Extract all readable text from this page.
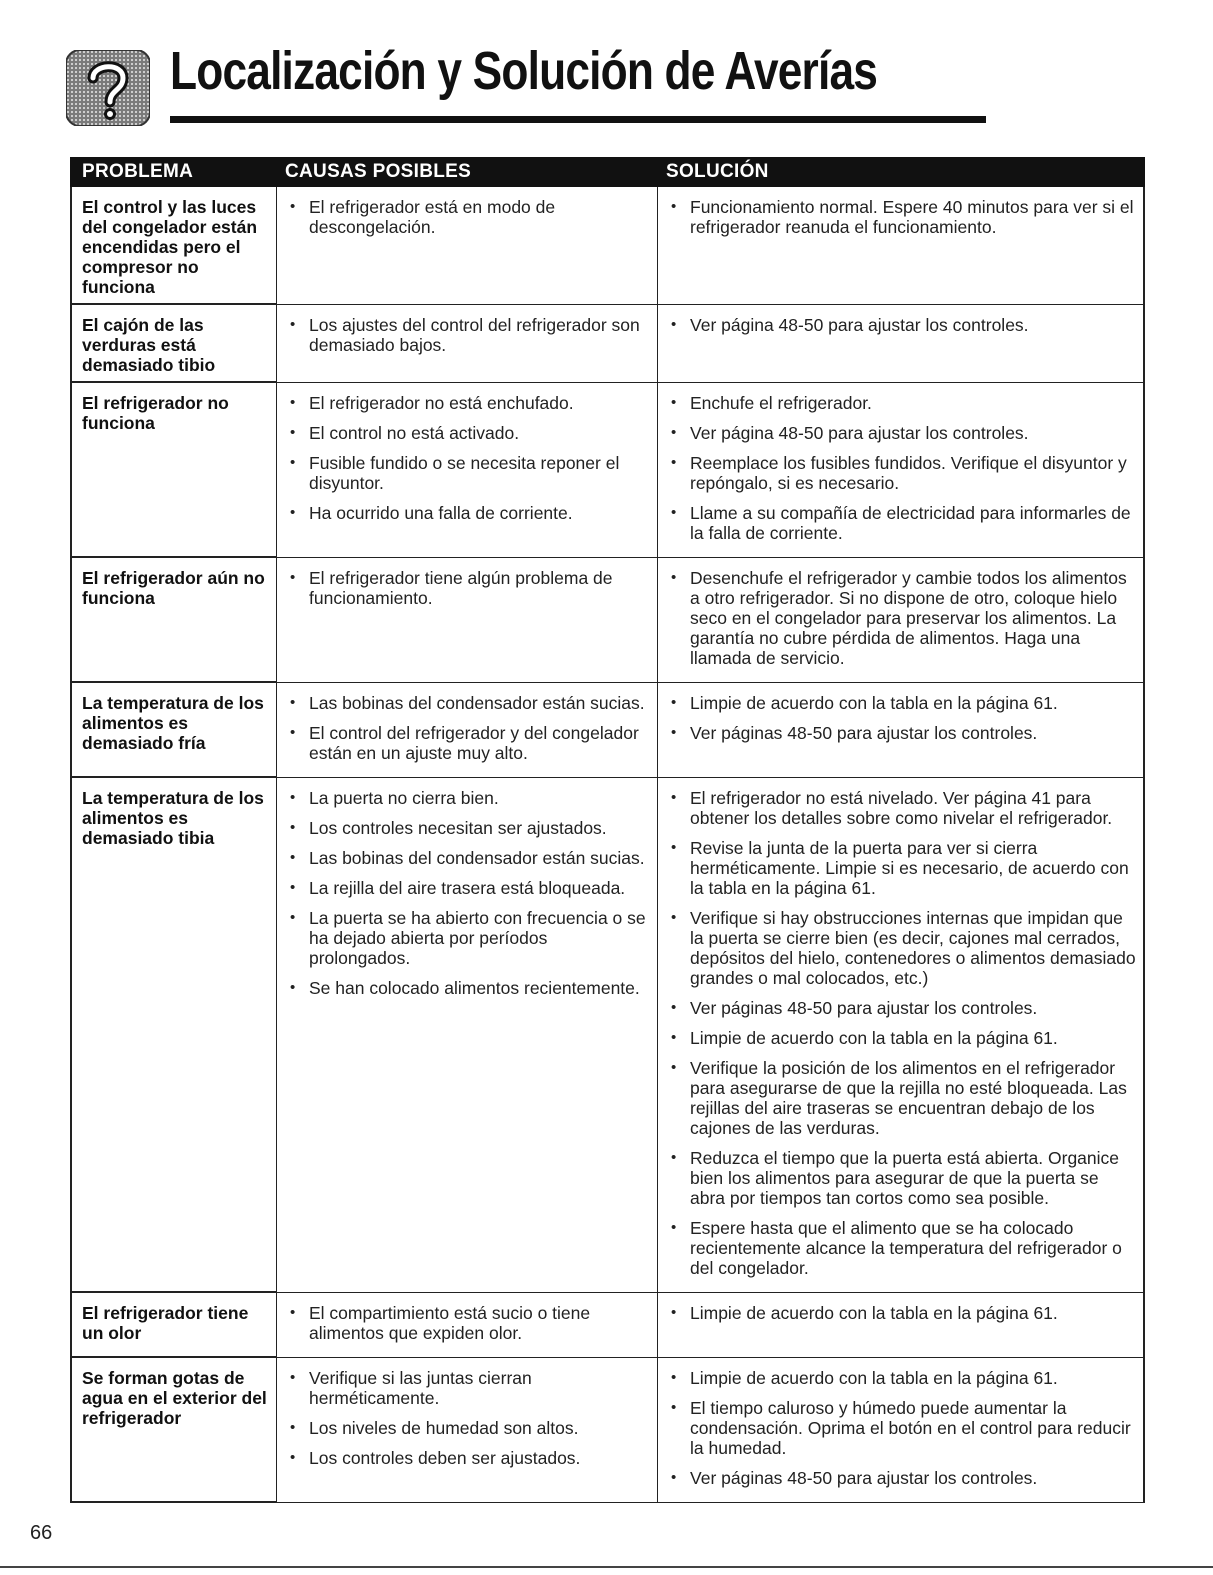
Localización y Solución de Averías
PROBLEMA	CAUSAS POSIBLES	SOLUCIÓN
El control y las luces del congelador están encendidas pero el compresor no funciona
• El refrigerador está en modo de descongelación.
• Funcionamiento normal. Espere 40 minutos para ver si el refrigerador reanuda el funcionamiento.
El cajón de las verduras está demasiado tibio
• Los ajustes del control del refrigerador son demasiado bajos.
• Ver página 48-50 para ajustar los controles.
El refrigerador no funciona
• El refrigerador no está enchufado.
• El control no está activado.
• Fusible fundido o se necesita reponer el disyuntor.
• Ha ocurrido una falla de corriente.
• Enchufe el refrigerador.
• Ver página 48-50 para ajustar los controles.
• Reemplace los fusibles fundidos. Verifique el disyuntor y repóngalo, si es necesario.
• Llame a su compañía de electricidad para informarles de la falla de corriente.
El refrigerador aún no funciona
• El refrigerador tiene algún problema de funcionamiento.
• Desenchufe el refrigerador y cambie todos los alimentos a otro refrigerador. Si no dispone de otro, coloque hielo seco en el congelador para preservar los alimentos. La garantía no cubre pérdida de alimentos. Haga una llamada de servicio.
La temperatura de los alimentos es demasiado fría
• Las bobinas del condensador están sucias.
• El control del refrigerador y del congelador están en un ajuste muy alto.
• Limpie de acuerdo con la tabla en la página 61.
• Ver páginas 48-50 para ajustar los controles.
La temperatura de los alimentos es demasiado tibia
• La puerta no cierra bien.
• Los controles necesitan ser ajustados.
• Las bobinas del condensador están sucias.
• La rejilla del aire trasera está bloqueada.
• La puerta se ha abierto con frecuencia o se ha dejado abierta por períodos prolongados.
• Se han colocado alimentos recientemente.
• El refrigerador no está nivelado. Ver página 41 para obtener los detalles sobre como nivelar el refrigerador.
• Revise la junta de la puerta para ver si cierra herméticamente. Limpie si es necesario, de acuerdo con la tabla en la página 61.
• Verifique si hay obstrucciones internas que impidan que la puerta se cierre bien (es decir, cajones mal cerrados, depósitos del hielo, contenedores o alimentos demasiado grandes o mal colocados, etc.)
• Ver páginas 48-50 para ajustar los controles.
• Limpie de acuerdo con la tabla en la página 61.
• Verifique la posición de los alimentos en el refrigerador para asegurarse de que la rejilla no esté bloqueada. Las rejillas del aire traseras se encuentran debajo de los cajones de las verduras.
• Reduzca el tiempo que la puerta está abierta. Organice bien los alimentos para asegurar de que la puerta se abra por tiempos tan cortos como sea posible.
• Espere hasta que el alimento que se ha colocado recientemente alcance la temperatura del refrigerador o del congelador.
El refrigerador tiene un olor
• El compartimiento está sucio o tiene alimentos que expiden olor.
• Limpie de acuerdo con la tabla en la página 61.
Se forman gotas de agua en el exterior del refrigerador
• Verifique si las juntas cierran herméticamente.
• Los niveles de humedad son altos.
• Los controles deben ser ajustados.
• Limpie de acuerdo con la tabla en la página 61.
• El tiempo caluroso y húmedo puede aumentar la condensación. Oprima el botón en el control para reducir la humedad.
• Ver páginas 48-50 para ajustar los controles.
66
